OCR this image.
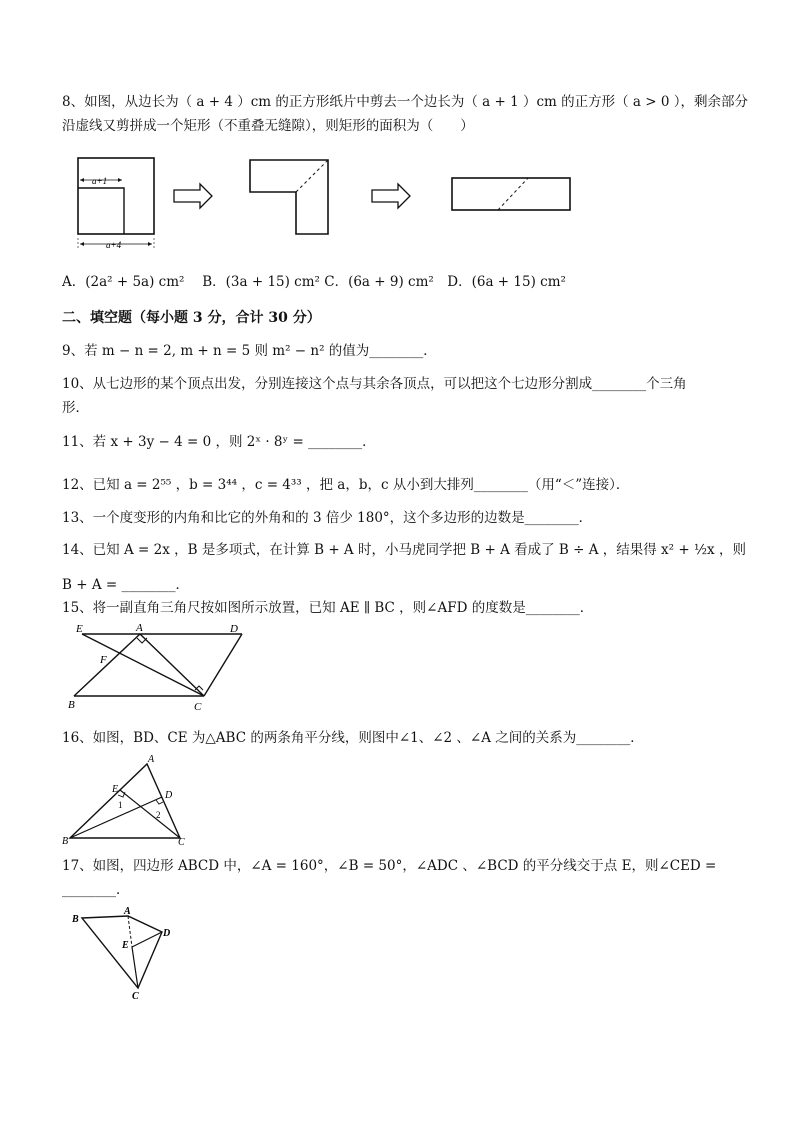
8、如图，从边长为（ a + 4 ）cm 的正方形纸片中剪去一个边长为（ a + 1 ）cm 的正方形（ a > 0 ），剩余部分
沿虚线又剪拼成一个矩形（不重叠无缝隙），则矩形的面积为（　　）
a+1
a+4
A．(2a² + 5a) cm²　 B．(3a + 15) cm² C．(6a + 9) cm²　D．(6a + 15) cm²
二、填空题（每小题 3 分，合计 30 分）
9、若 m − n = 2, m + n = 5 则 m² − n² 的值为________．
10、从七边形的某个顶点出发，分别连接这个点与其余各顶点，可以把这个七边形分割成________个三角
形．
11、若 x + 3y − 4 = 0 ，则 2ˣ · 8ʸ = ________．
12、已知 a = 2⁵⁵ ，b = 3⁴⁴ ，c = 4³³ ，把 a，b，c 从小到大排列________（用“＜”连接）．
13、一个度变形的内角和比它的外角和的 3 倍少 180°，这个多边形的边数是________．
14、已知 A = 2x ，B 是多项式，在计算 B + A 时，小马虎同学把 B + A 看成了 B ÷ A ，结果得 x² + ½x ，则
B + A = ________．
15、将一副直角三角尺按如图所示放置，已知 AE ∥ BC ，则∠AFD 的度数是________．
E	A	D
F
B	C
16、如图，BD、CE 为△ABC 的两条角平分线，则图中∠1、∠2 、∠A 之间的关系为________．
A
E
D
1
2
B	C
17、如图，四边形 ABCD 中，∠A = 160°，∠B = 50°，∠ADC 、∠BCD 的平分线交于点 E，则∠CED =
________．
B
A
D
E
C
